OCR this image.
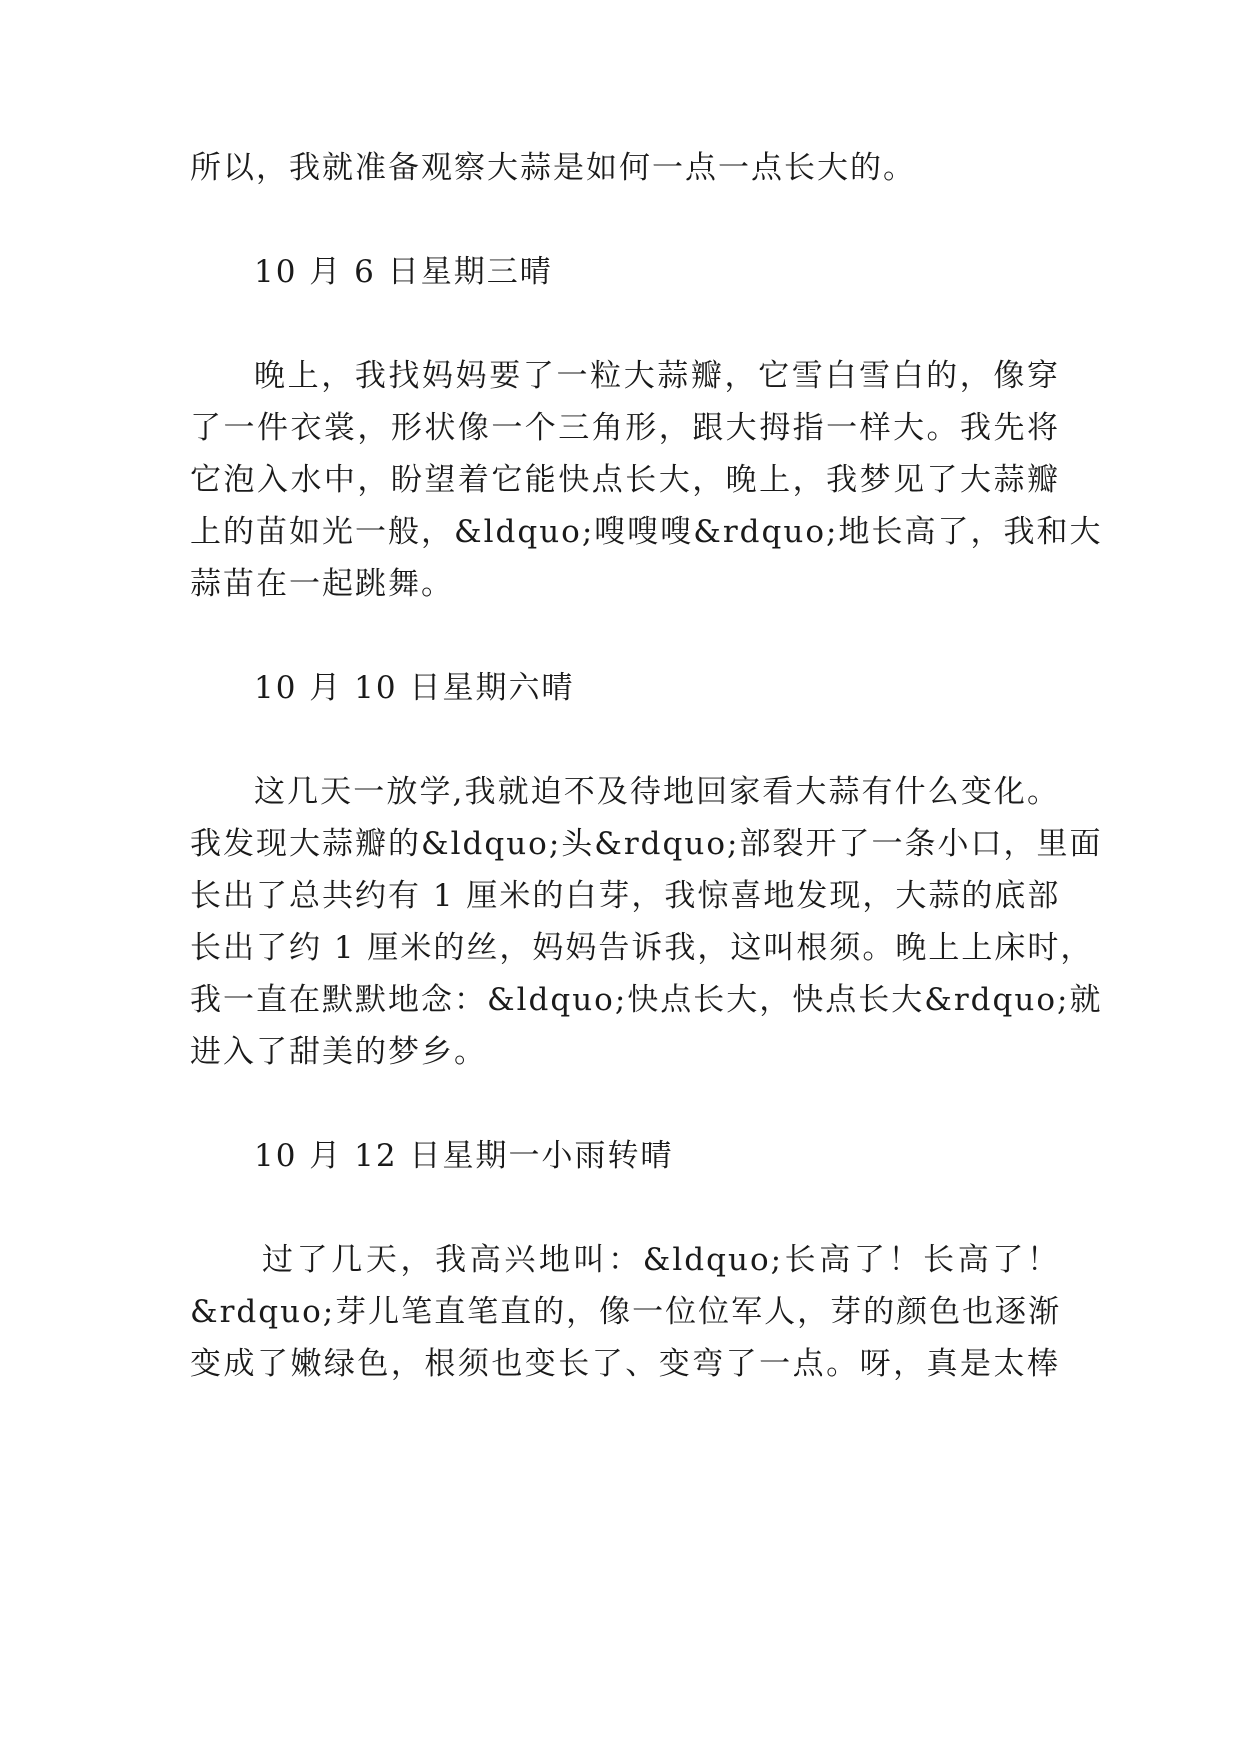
所以，我就准备观察大蒜是如何一点一点长大的。
10 月 6 日星期三晴
晚上，我找妈妈要了一粒大蒜瓣，它雪白雪白的，像穿
了一件衣裳，形状像一个三角形，跟大拇指一样大。我先将
它泡入水中，盼望着它能快点长大，晚上，我梦见了大蒜瓣
上的苗如光一般，&ldquo;嗖嗖嗖&rdquo;地长高了，我和大
蒜苗在一起跳舞。
10 月 10 日星期六晴
这几天一放学,我就迫不及待地回家看大蒜有什么变化。
我发现大蒜瓣的&ldquo;头&rdquo;部裂开了一条小口，里面
长出了总共约有 1 厘米的白芽，我惊喜地发现，大蒜的底部
长出了约 1 厘米的丝，妈妈告诉我，这叫根须。晚上上床时，
我一直在默默地念：&ldquo;快点长大，快点长大&rdquo;就
进入了甜美的梦乡。
10 月 12 日星期一小雨转晴
过了几天，我高兴地叫：&ldquo;长高了！长高了！
&rdquo;芽儿笔直笔直的，像一位位军人，芽的颜色也逐渐
变成了嫩绿色，根须也变长了、变弯了一点。呀，真是太棒
